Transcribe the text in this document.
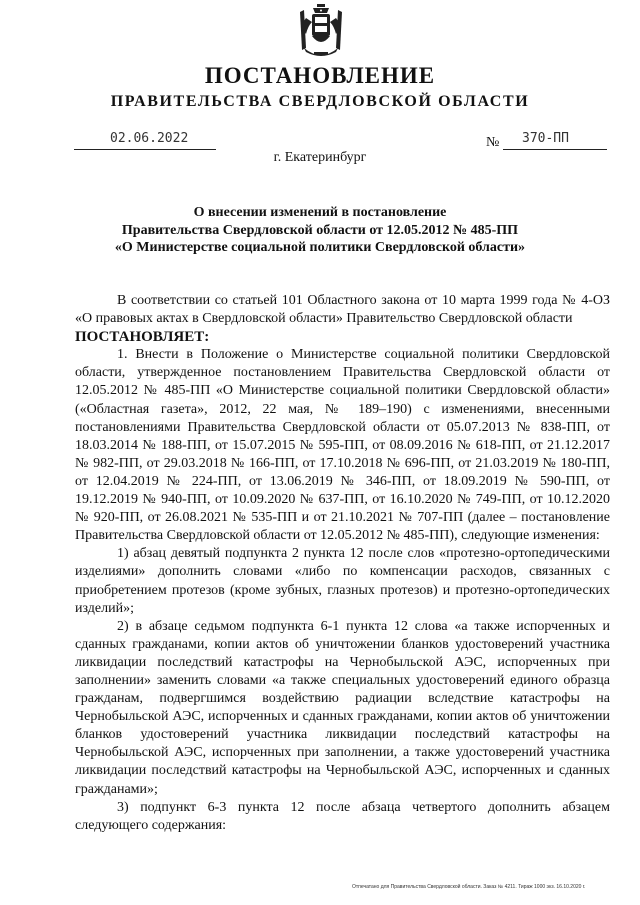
ПОСТАНОВЛЕНИЕ
ПРАВИТЕЛЬСТВА СВЕРДЛОВСКОЙ ОБЛАСТИ
02.06.2022	№ 370-ПП
г. Екатеринбург
О внесении изменений в постановление
Правительства Свердловской области от 12.05.2012 № 485-ПП
«О Министерстве социальной политики Свердловской области»

В соответствии со статьей 101 Областного закона от 10 марта 1999 года № 4-ОЗ «О правовых актах в Свердловской области» Правительство Свердловской области

ПОСТАНОВЛЯЕТ:

1. Внести в Положение о Министерстве социальной политики Свердловской области, утвержденное постановлением Правительства Свердловской области от 12.05.2012 № 485-ПП «О Министерстве социальной политики Свердловской области» («Областная газета», 2012, 22 мая, № 189–190) с изменениями, внесенными постановлениями Правительства Свердловской области от 05.07.2013 № 838-ПП, от 18.03.2014 № 188-ПП, от 15.07.2015 № 595-ПП, от 08.09.2016 № 618-ПП, от 21.12.2017 № 982-ПП, от 29.03.2018 № 166-ПП, от 17.10.2018 № 696-ПП, от 21.03.2019 № 180-ПП, от 12.04.2019 № 224-ПП, от 13.06.2019 № 346-ПП, от 18.09.2019 № 590-ПП, от 19.12.2019 № 940-ПП, от 10.09.2020 № 637-ПП, от 16.10.2020 № 749-ПП, от 10.12.2020 № 920-ПП, от 26.08.2021 № 535-ПП и от 21.10.2021 № 707-ПП (далее – постановление Правительства Свердловской области от 12.05.2012 № 485-ПП), следующие изменения:

1) абзац девятый подпункта 2 пункта 12 после слов «протезно-ортопедическими изделиями» дополнить словами «либо по компенсации расходов, связанных с приобретением протезов (кроме зубных, глазных протезов) и протезно-ортопедических изделий»;

2) в абзаце седьмом подпункта 6-1 пункта 12 слова «а также испорченных и сданных гражданами, копии актов об уничтожении бланков удостоверений участника ликвидации последствий катастрофы на Чернобыльской АЭС, испорченных при заполнении» заменить словами «а также специальных удостоверений единого образца гражданам, подвергшимся воздействию радиации вследствие катастрофы на Чернобыльской АЭС, испорченных и сданных гражданами, копии актов об уничтожении бланков удостоверений участника ликвидации последствий катастрофы на Чернобыльской АЭС, испорченных при заполнении, а также удостоверений участника ликвидации последствий катастрофы на Чернобыльской АЭС, испорченных и сданных гражданами»;

3) подпункт 6-3 пункта 12 после абзаца четвертого дополнить абзацем следующего содержания:

Отпечатано для Правительства Свердловской области. Заказ № 4211. Тираж 1000 экз. 16.10.2020 г.
